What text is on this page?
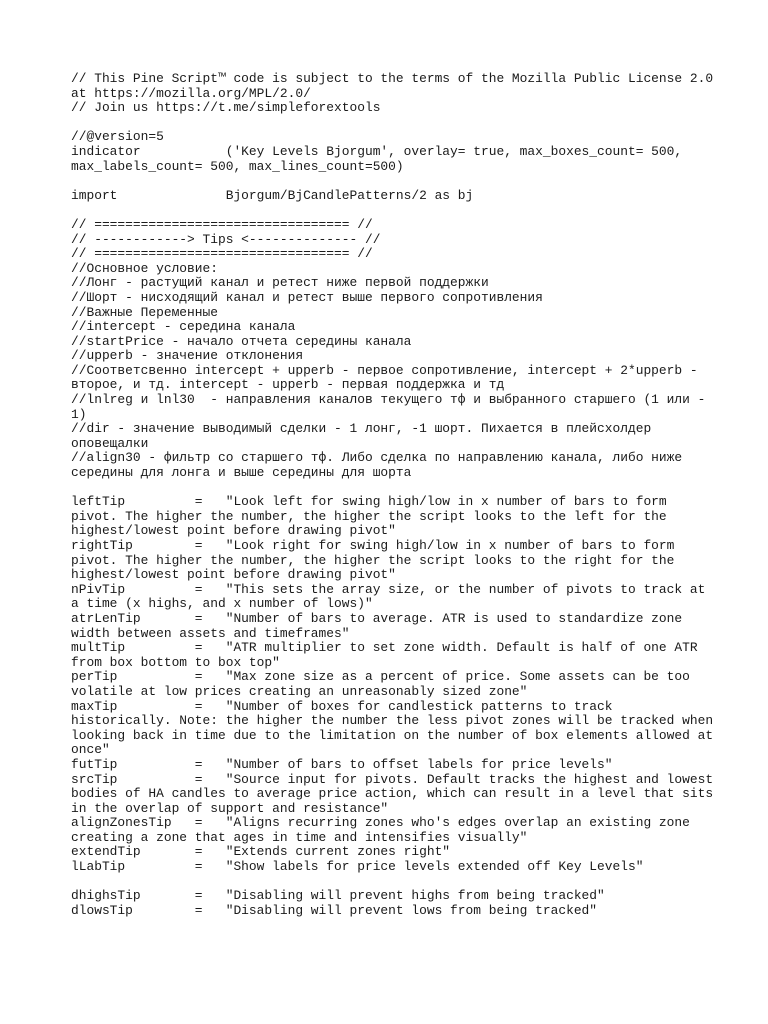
// This Pine Script™ code is subject to the terms of the Mozilla Public License 2.0
at https://mozilla.org/MPL/2.0/
// Join us https://t.me/simpleforextools
//@version=5
indicator           ('Key Levels Bjorgum', overlay= true, max_boxes_count= 500,
max_labels_count= 500, max_lines_count=500)
import              Bjorgum/BjCandlePatterns/2 as bj
// ================================= //
// ------------> Tips <-------------- //
// ================================= //
//Основное условие:
//Лонг - растущий канал и ретест ниже первой поддержки
//Шорт - нисходящий канал и ретест выше первого сопротивления
//Важные Переменные
//intercept - середина канала
//startPrice - начало отчета середины канала
//upperb - значение отклонения
//Соответсвенно intercept + upperb - первое сопротивление, intercept + 2*upperb -
второе, и тд. intercept - upperb - первая поддержка и тд
//lnlreg и lnl30  - направления каналов текущего тф и выбранного старшего (1 или -
1)
//dir - значение выводимый сделки - 1 лонг, -1 шорт. Пихается в плейсхолдер
оповещалки
//align30 - фильтр со старшего тф. Либо сделка по направлению канала, либо ниже
середины для лонга и выше середины для шорта
leftTip         =   "Look left for swing high/low in x number of bars to form
pivot. The higher the number, the higher the script looks to the left for the
highest/lowest point before drawing pivot"
rightTip        =   "Look right for swing high/low in x number of bars to form
pivot. The higher the number, the higher the script looks to the right for the
highest/lowest point before drawing pivot"
nPivTip         =   "This sets the array size, or the number of pivots to track at
a time (x highs, and x number of lows)"
atrLenTip       =   "Number of bars to average. ATR is used to standardize zone
width between assets and timeframes"
multTip         =   "ATR multiplier to set zone width. Default is half of one ATR
from box bottom to box top"
perTip          =   "Max zone size as a percent of price. Some assets can be too
volatile at low prices creating an unreasonably sized zone"
maxTip          =   "Number of boxes for candlestick patterns to track
historically. Note: the higher the number the less pivot zones will be tracked when
looking back in time due to the limitation on the number of box elements allowed at
once"
futTip          =   "Number of bars to offset labels for price levels"
srcTip          =   "Source input for pivots. Default tracks the highest and lowest
bodies of HA candles to average price action, which can result in a level that sits
in the overlap of support and resistance"
alignZonesTip   =   "Aligns recurring zones who's edges overlap an existing zone
creating a zone that ages in time and intensifies visually"
extendTip       =   "Extends current zones right"
lLabTip         =   "Show labels for price levels extended off Key Levels"
dhighsTip       =   "Disabling will prevent highs from being tracked"
dlowsTip        =   "Disabling will prevent lows from being tracked"
